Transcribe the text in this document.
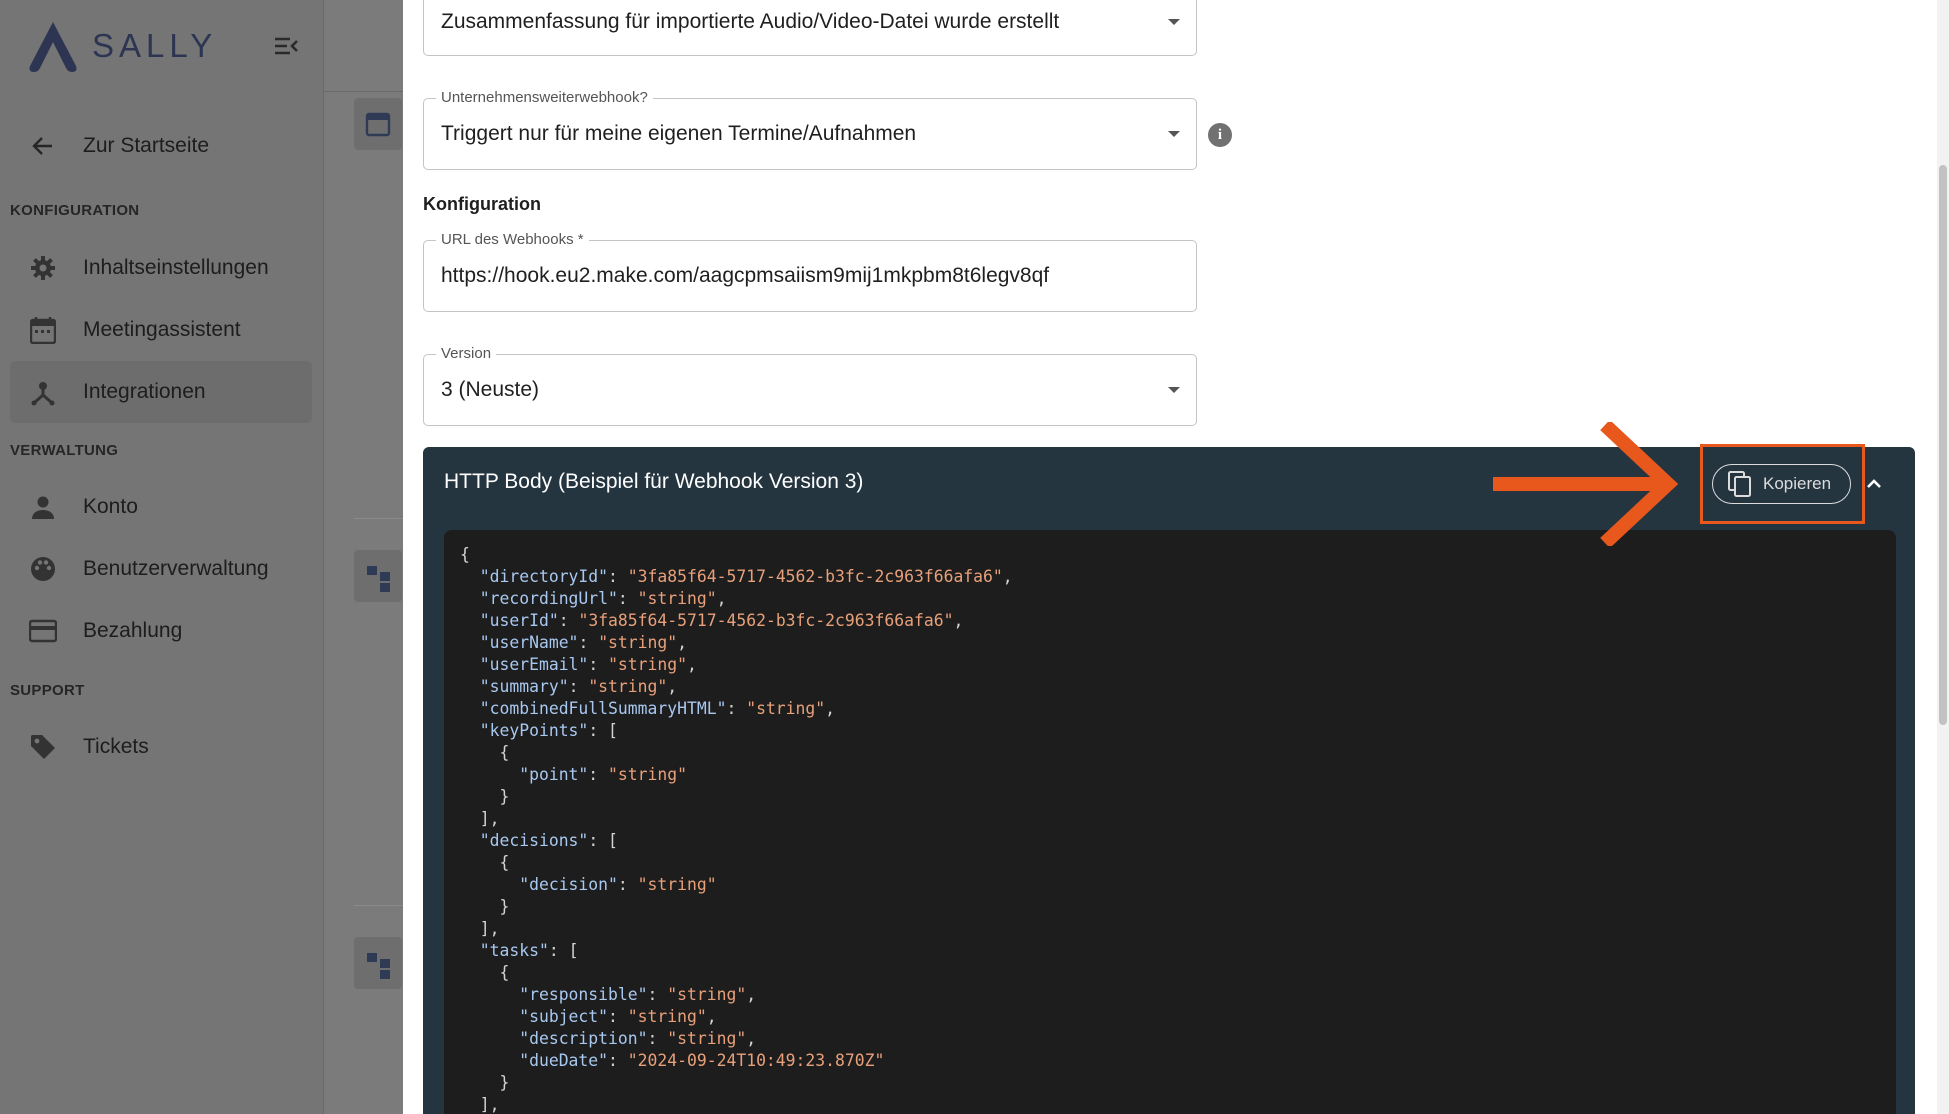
SALLY
Zur Startseite
KONFIGURATION
Inhaltseinstellungen
Meetingassistent
Integrationen
VERWALTUNG
Konto
Benutzerverwaltung
Bezahlung
SUPPORT
Tickets
Zusammenfassung für importierte Audio/Video-Datei wurde erstellt
Unternehmensweiterwebhook?
Triggert nur für meine eigenen Termine/Aufnahmen	i
Konfiguration
URL des Webhooks *
https://hook.eu2.make.com/aagcpmsaiism9mij1mkpbm8t6legv8qf
Version
3 (Neuste)
HTTP Body (Beispiel für Webhook Version 3)	Kopieren
{
"directoryId": "3fa85f64-5717-4562-b3fc-2c963f66afa6",
"recordingUrl": "string",
"userId": "3fa85f64-5717-4562-b3fc-2c963f66afa6",
"userName": "string",
"userEmail": "string",
"summary": "string",
"combinedFullSummaryHTML": "string",
"keyPoints": [
{
"point": "string"
}
],
"decisions": [
{
"decision": "string"
}
],
"tasks": [
{
"responsible": "string",
"subject": "string",
"description": "string",
"dueDate": "2024-09-24T10:49:23.870Z"
}
],
